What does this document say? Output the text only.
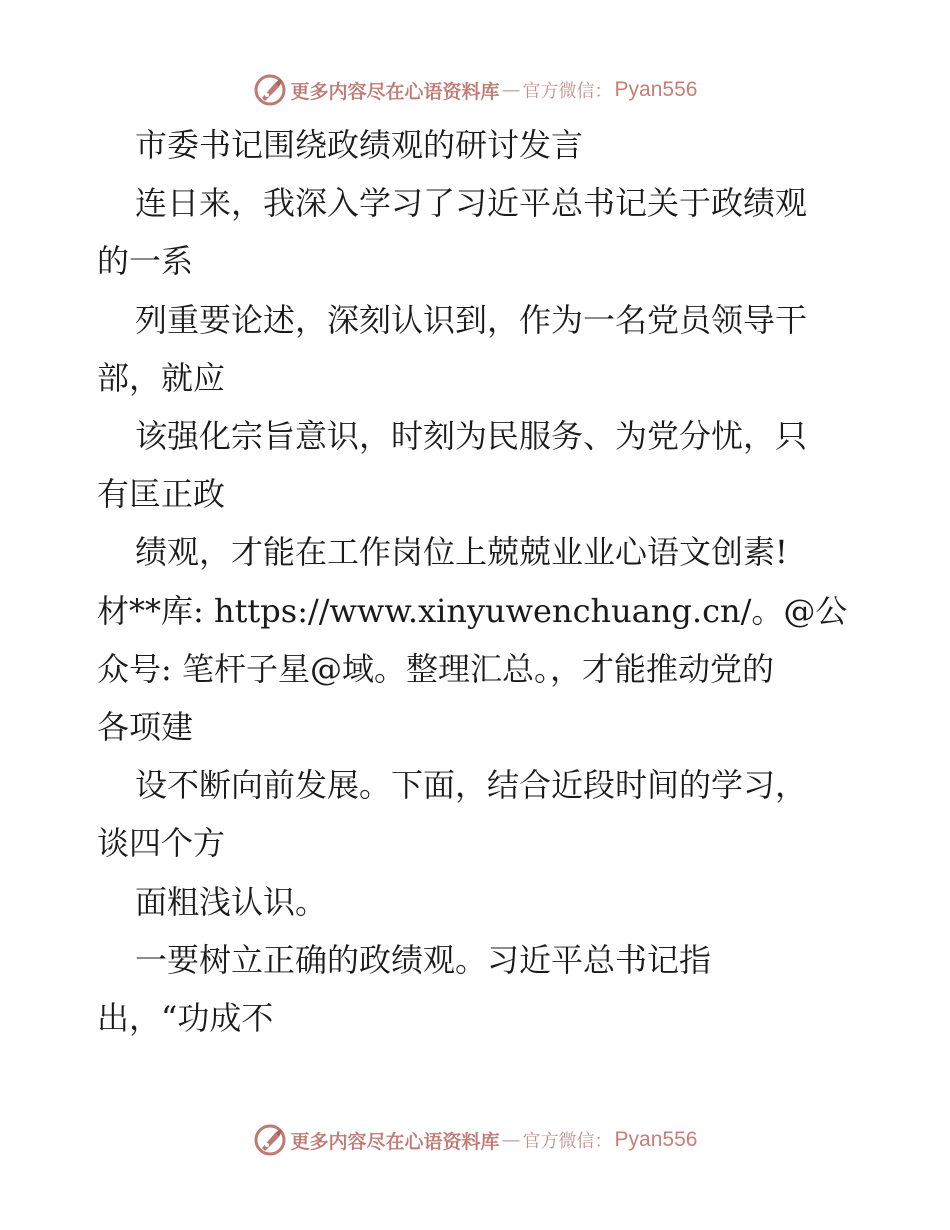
更多内容尽在心语资料库 — 官方微信： Pyan556

市委书记围绕政绩观的研讨发言

连日来，我深入学习了习近平总书记关于政绩观

的一系

列重要论述，深刻认识到，作为一名党员领导干

部，就应

该强化宗旨意识，时刻为民服务、为党分忧，只

有匡正政

绩观，才能在工作岗位上兢兢业业心语文创素!

材**库: https://www.xinyuwenchuang.cn/。@公

众号: 笔杆子星@域。整理汇总。，才能推动党的

各项建

设不断向前发展。下面，结合近段时间的学习，

谈四个方

面粗浅认识。

一要树立正确的政绩观。习近平总书记指

出，“功成不

更多内容尽在心语资料库 — 官方微信： Pyan556
